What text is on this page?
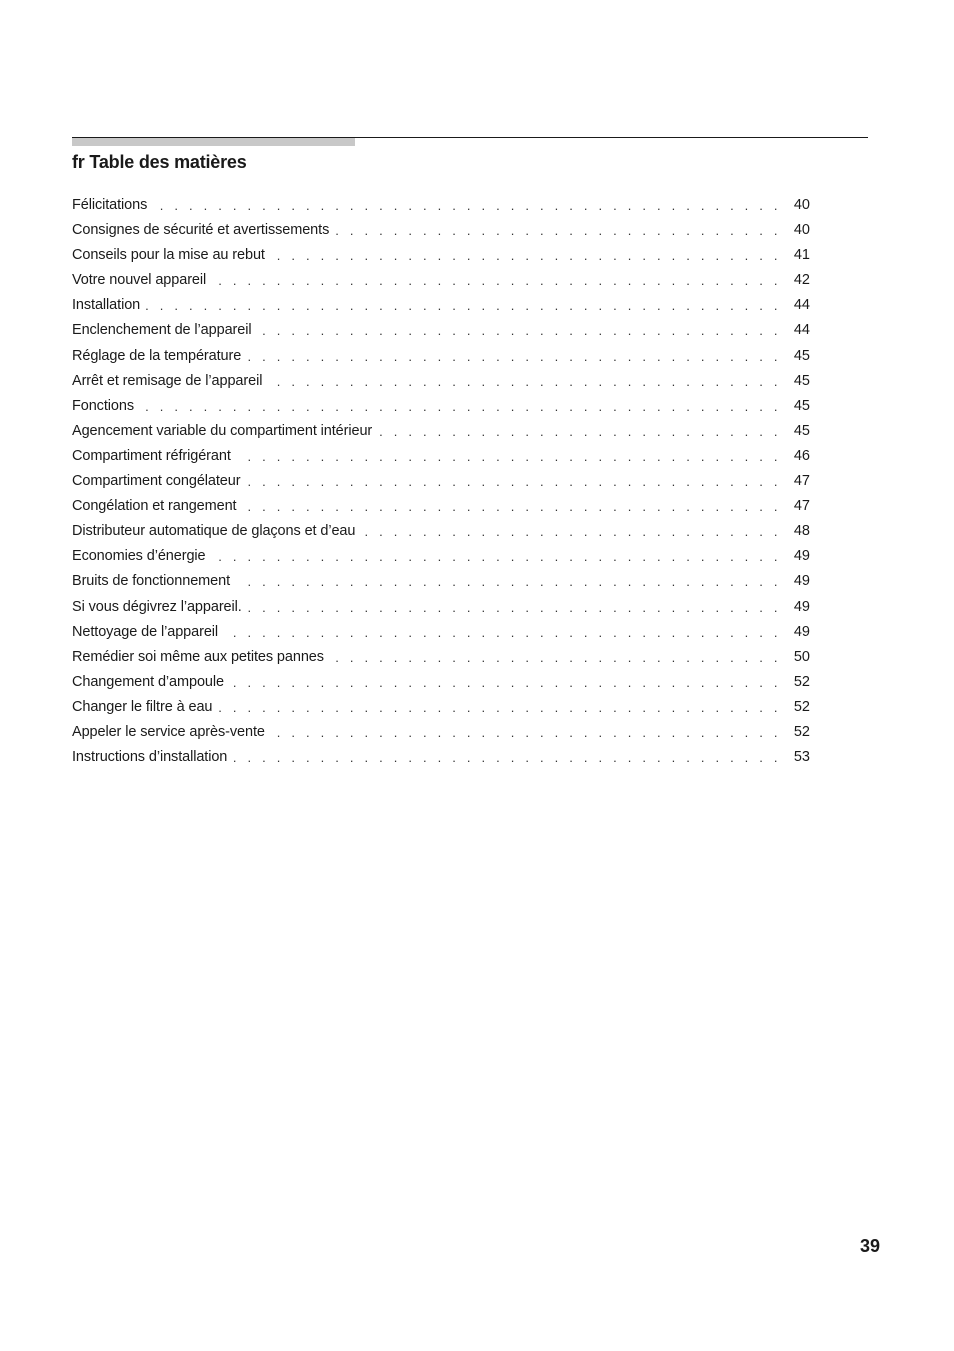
fr Table des matières
. . .
Félicitations	40
. . .
Consignes de sécurité et avertissements	40
. . .
Conseils pour la mise au rebut	41
. . .
Votre nouvel appareil	42
. . .
Installation	44
. . .
Enclenchement de l’appareil	44
. . .
Réglage de la température	45
. . .
Arrêt et remisage de l’appareil	45
. . .
Fonctions	45
. . .
Agencement variable du compartiment intérieur	45
. . .
Compartiment réfrigérant	46
. . .
Compartiment congélateur	47
. . .
Congélation et rangement	47
. . .
Distributeur automatique de glaçons et d’eau	48
. . .
Economies d’énergie	49
. . .
Bruits de fonctionnement	49
. . .
Si vous dégivrez l’appareil.	49
. . .
Nettoyage de l’appareil	49
. . .
Remédier soi même aux petites pannes	50
. . .
Changement d’ampoule	52
. . .
Changer le filtre à eau	52
. . .
Appeler le service après-vente	52
. . .
Instructions d’installation	53
39
